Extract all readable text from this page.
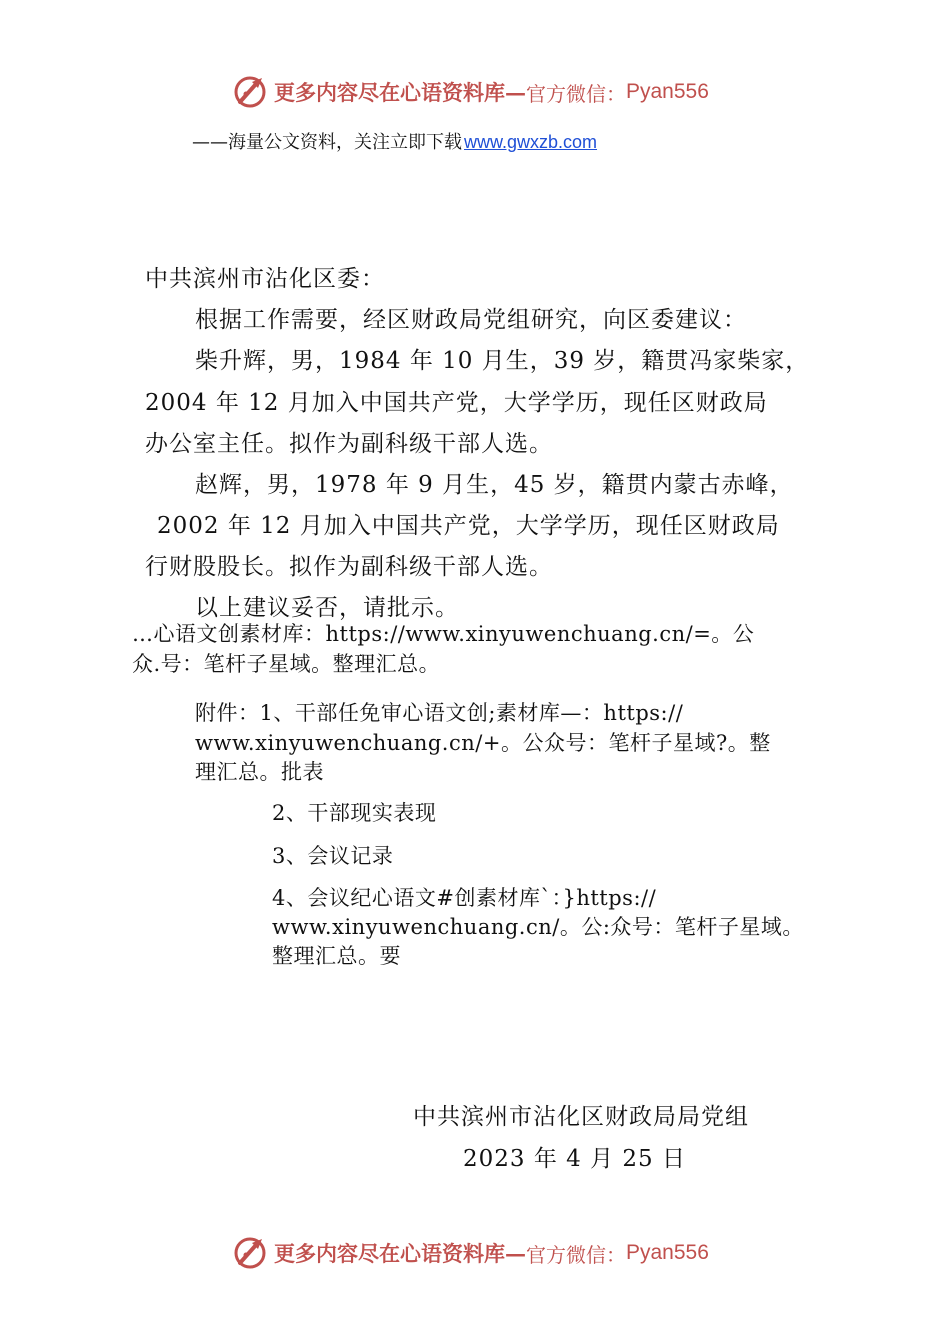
更多内容尽在心语资料库— 官方微信： Pyan556
——海量公文资料，关注立即下载 www.gwxzb.com
中共滨州市沾化区委：
根据工作需要，经区财政局党组研究，向区委建议：
柴升辉，男，1984 年 10 月生，39 岁，籍贯冯家柴家，
2004 年 12 月加入中国共产党，大学学历，现任区财政局
办公室主任。拟作为副科级干部人选。
赵辉，男，1978 年 9 月生，45 岁，籍贯内蒙古赤峰，
2002 年 12 月加入中国共产党，大学学历，现任区财政局
行财股股长。拟作为副科级干部人选。
以上建议妥否，请批示。
…心语文创素材库：https://www.xinyuwenchuang.cn/=。公
众.号：笔杆子星域。整理汇总。
附件：1、干部任免审心语文创;素材库—：https://
www.xinyuwenchuang.cn/+。公众号：笔杆子星域?。整
理汇总。批表
2、干部现实表现
3、会议记录
4、会议纪心语文#创素材库`：}https://
www.xinyuwenchuang.cn/。公:众号：笔杆子星域。
整理汇总。要
中共滨州市沾化区财政局局党组
2023 年 4 月 25 日
更多内容尽在心语资料库— 官方微信： Pyan556
